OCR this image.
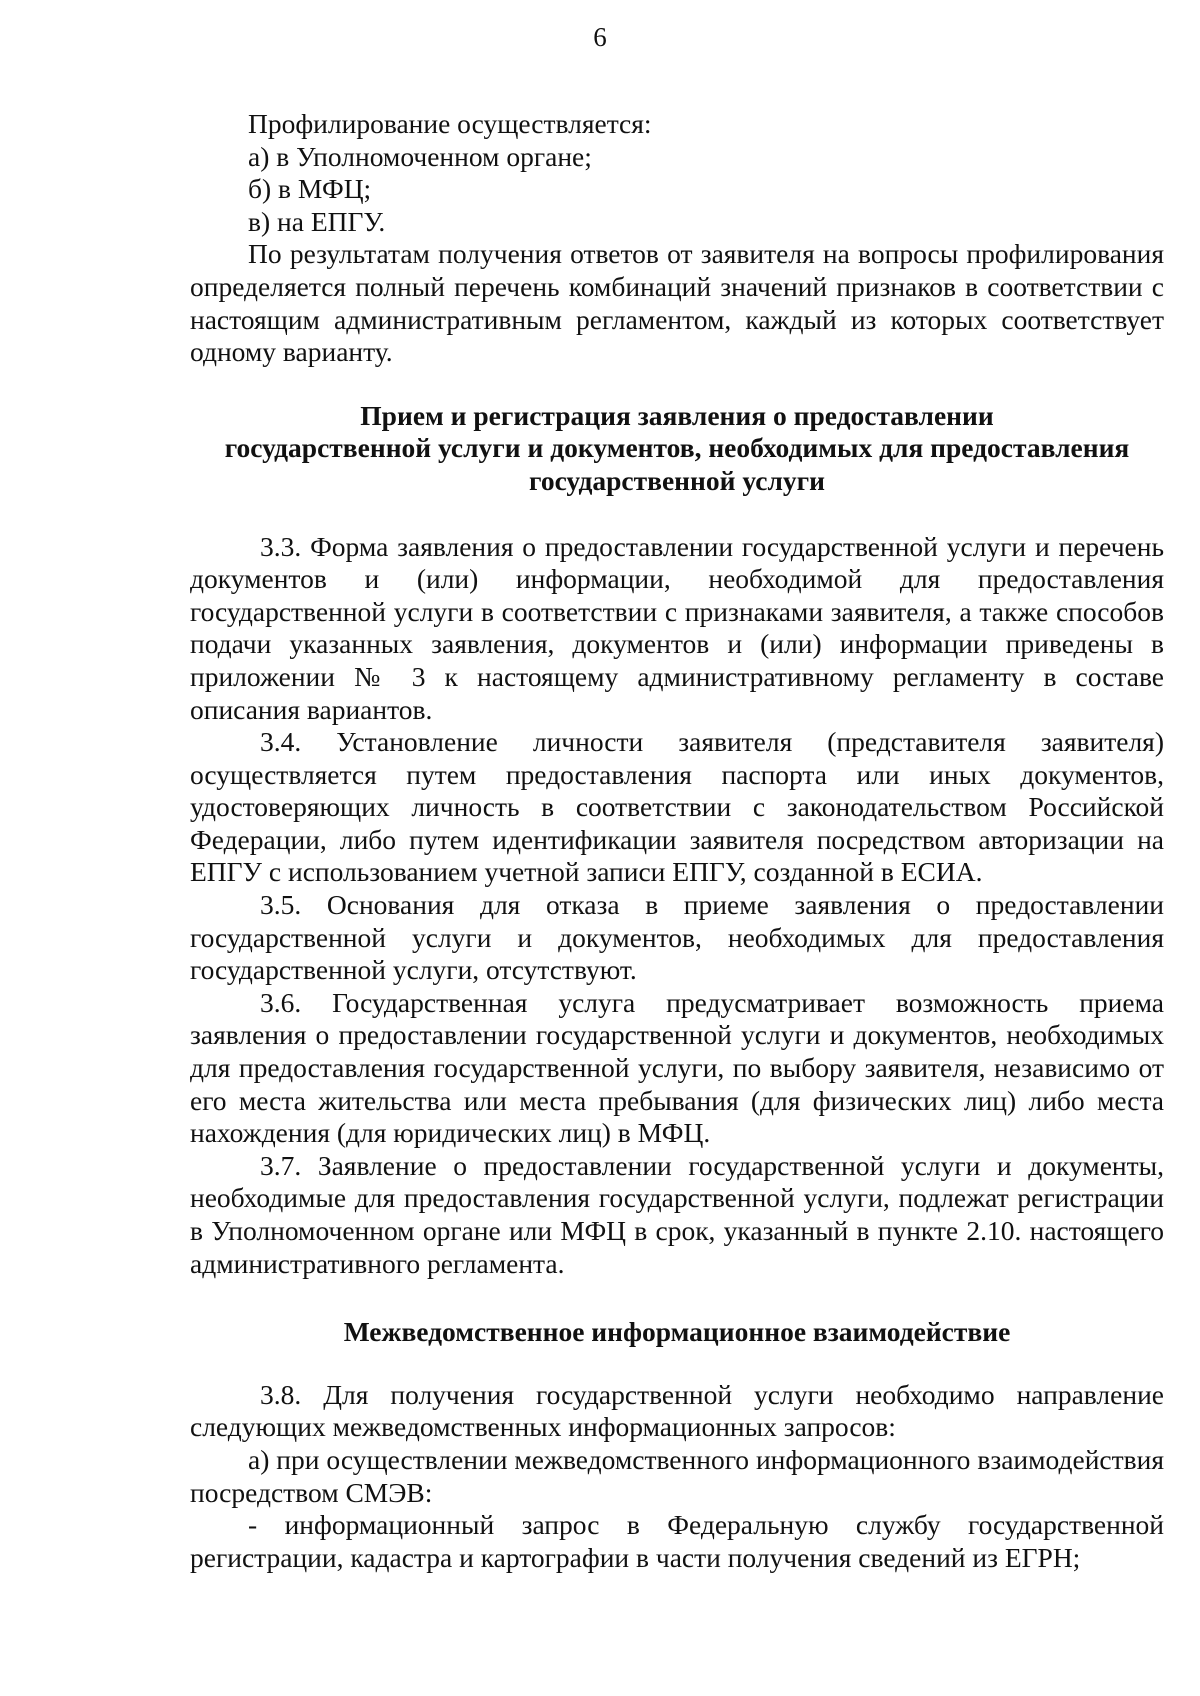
6

Профилирование осуществляется:

а) в Уполномоченном органе;

б) в МФЦ;

в) на ЕПГУ.

По результатам получения ответов от заявителя на вопросы профилирования определяется полный перечень комбинаций значений признаков в соответствии с настоящим административным регламентом, каждый из которых соответствует одному варианту.

Прием и регистрация заявления о предоставлении
государственной услуги и документов, необходимых для предоставления
государственной услуги

3.3. Форма заявления о предоставлении государственной услуги и перечень документов и (или) информации, необходимой для предоставления государственной услуги в соответствии с признаками заявителя, а также способов подачи указанных заявления, документов и (или) информации приведены в приложении № 3 к настоящему административному регламенту в составе описания вариантов.

3.4. Установление личности заявителя (представителя заявителя) осуществляется путем предоставления паспорта или иных документов, удостоверяющих личность в соответствии с законодательством Российской Федерации, либо путем идентификации заявителя посредством авторизации на ЕПГУ с использованием учетной записи ЕПГУ, созданной в ЕСИА.

3.5. Основания для отказа в приеме заявления о предоставлении государственной услуги и документов, необходимых для предоставления государственной услуги, отсутствуют.

3.6. Государственная услуга предусматривает возможность приема заявления о предоставлении государственной услуги и документов, необходимых для предоставления государственной услуги, по выбору заявителя, независимо от его места жительства или места пребывания (для физических лиц) либо места нахождения (для юридических лиц) в МФЦ.

3.7. Заявление о предоставлении государственной услуги и документы, необходимые для предоставления государственной услуги, подлежат регистрации в Уполномоченном органе или МФЦ в срок, указанный в пункте 2.10. настоящего административного регламента.

Межведомственное информационное взаимодействие

3.8. Для получения государственной услуги необходимо направление следующих межведомственных информационных запросов:

а) при осуществлении межведомственного информационного взаимодействия посредством СМЭВ:

- информационный запрос в Федеральную службу государственной регистрации, кадастра и картографии в части получения сведений из ЕГРН;
